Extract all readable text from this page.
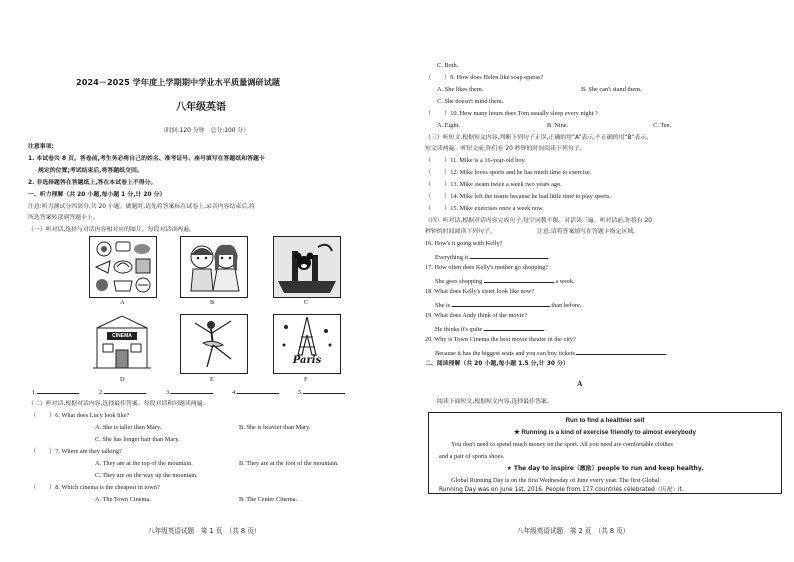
2024－2025 学年度上学期期中学业水平质量调研试题
八年级英语
（时间:120 分钟　总分:100 分）
注意事项:
1. 本试卷共 8 页。答卷前,考生务必将自己的姓名、准考证号、座号填写在答题纸和答题卡
规定的位置;考试结束后,将答题纸交回。
2. 非选择题答在答题纸上,答在本试卷上不得分。
注意:听力测试分四部分,共 20 小题。做题时,请先将答案标在试卷上,录音内容结束后,将
所选答案转涂到答题卡上。
一、听力理解（共 20 小题,每小题 1 分,计 20 分）
（一）听对话,选择与对话内容相对应的图片。每段对话读两遍。
A	B	C
CINEMA
D	E
Paris
F
1.	2.	3.	4.	5.
（二）听对话,根据对话内容,选择最佳答案。每段对话和问题读两遍。
（　　）6. What does Lucy look like?
A. She is taller than Mary.	B. She is heavier than Mary.
C. She has longer hair than Mary.
（　　）7. Where are they talking?
A. They are at the top of the mountain.	B. They are at the foot of the mountain.
C. They are on the way up the mountain.
（　　）8. Which cinema is the cheapest in town?
A. The Town Cinema.	B. The Center Cinema.
八年级英语试题　第 1 页　（共 8 页）
C. Both.
（　　）9. How does Helen like soap operas?
A. She likes them.	B. She can't stand them.
C. She doesn't mind them.
（　　）10. How many hours does Tom usually sleep every night ?
A. Eight.	B. Nine.	C. Ten.
（三）听短文,根据短文内容,判断下列句子正误,正确的用“A”表示,不正确的用“B”表示。
短文读两遍。听短文前,你们有 20 秒钟的时间阅读下列句子。
（　　）11. Mike is a 16-year-old boy.
（　　）12. Mike loves sports and he has much time to exercise.
（　　）13. Mike swam twice a week two years ago.
（　　）14. Mike left the teams because he had little time to play sports.
（　　）15. Mike exercises once a week now.
（四）听对话,根据对话内容完成句子,每空词数不限。对话读三遍。听对话前,你将有 20
秒钟的时间阅读下列句子。	注意:请将答案填写在答题卡指定区域。
16. How's it going with Kelly?
Everything is	.
17. How often does Kelly's mother go shopping?
She goes shopping	a week.
18. What does Kelly's sister look like now?
She is	than before.
19. What does Andy think of the movie?
He thinks it's quite	.
20. Why is Town Cinema the best movie theater in the city?
Because it has the biggest seats and you can buy tickets	.
二、阅读理解（共 20 小题,每小题 1.5 分,计 30 分）
A
阅读下面短文,根据短文内容,选择最佳答案。
八年级英语试题　第 2 页　（共 8 页）
Run to find a healthier self
★ Running is a kind of exercise friendly to almost everybody
You don't need to spend much money on the sport. All you need are comfortable clothes
and a pair of sports shoes.
★ The day to inspire（激励）people to run and keep healthy.
Global Running Day is on the first Wednesday of June every year. The first Global
Running Day was on June 1st, 2016. People from 177 countries celebrated（庆祝）it.
